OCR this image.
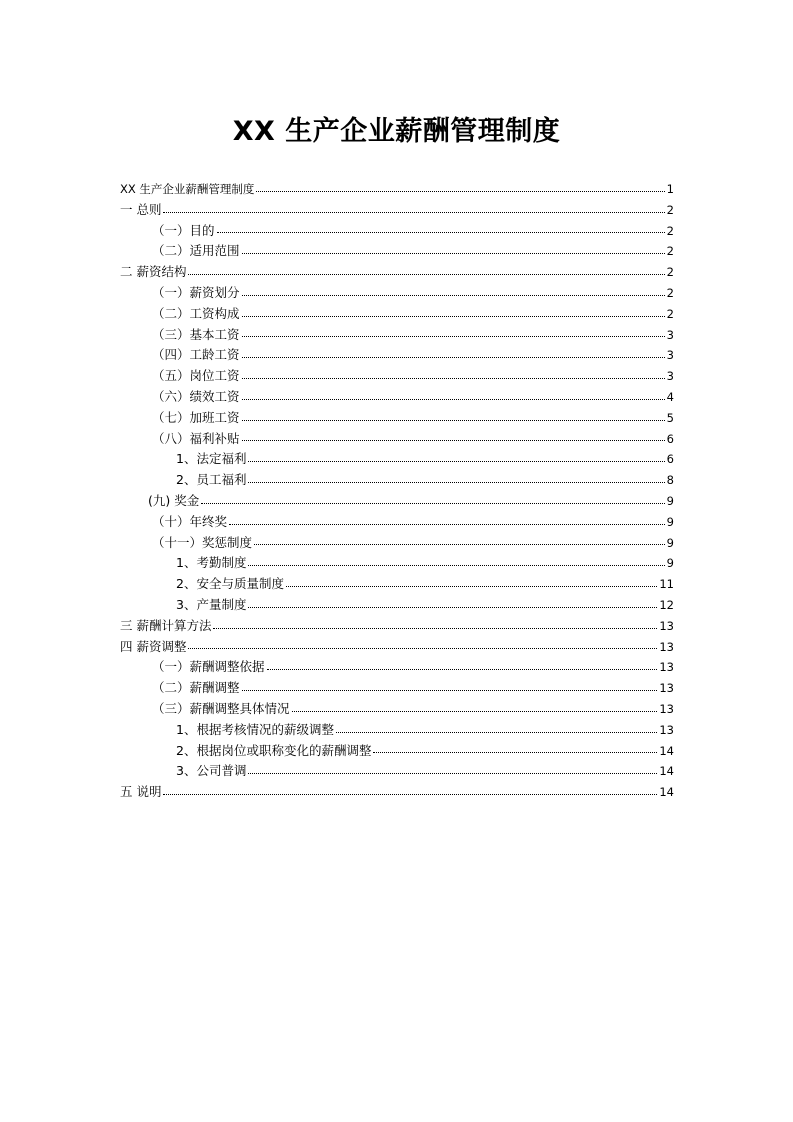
XX 生产企业薪酬管理制度
XX 生产企业薪酬管理制度	1
一 总则	2
（一）目的	2
（二）适用范围	2
二 薪资结构	2
（一）薪资划分	2
（二）工资构成	2
（三）基本工资	3
（四）工龄工资	3
（五）岗位工资	3
（六）绩效工资	4
（七）加班工资	5
（八）福利补贴	6
1、法定福利	6
2、员工福利	8
(九) 奖金	9
（十）年终奖	9
（十一）奖惩制度	9
1、考勤制度	9
2、安全与质量制度	11
3、产量制度	12
三 薪酬计算方法	13
四 薪资调整	13
（一）薪酬调整依据	13
（二）薪酬调整	13
（三）薪酬调整具体情况	13
1、根据考核情况的薪级调整	13
2、根据岗位或职称变化的薪酬调整	14
3、公司普调	14
五 说明	14
